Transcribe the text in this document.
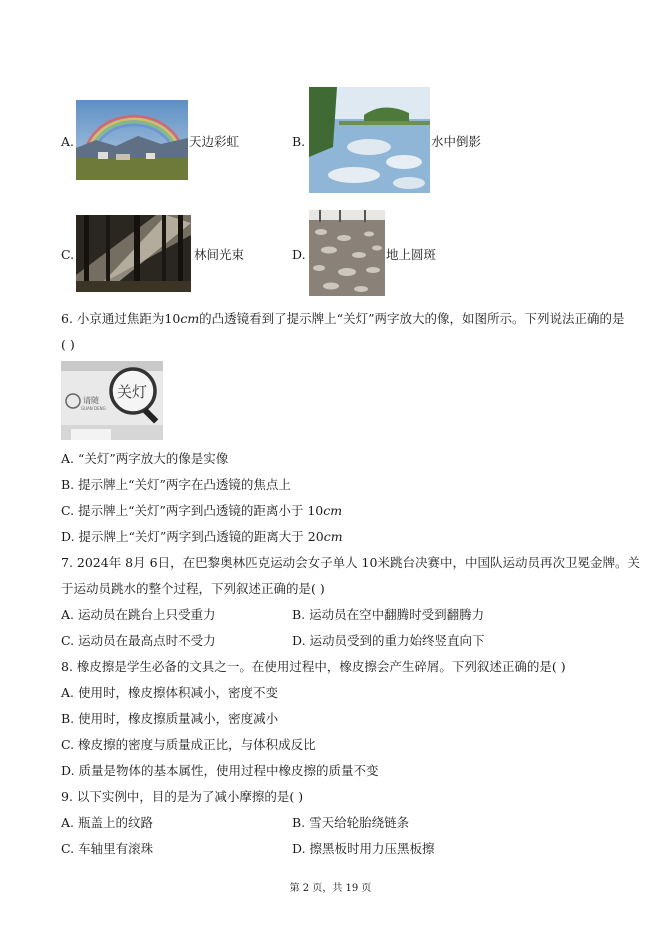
A.	天边彩虹	B.	水中倒影
C.	林间光束	D.	地上圆斑
6. 小京通过焦距为10cm的凸透镜看到了提示牌上“关灯”两字放大的像，如图所示。下列说法正确的是
( )
请随
GUAN DENG
关灯
A. “关灯”两字放大的像是实像
B. 提示牌上“关灯”两字在凸透镜的焦点上
C. 提示牌上“关灯”两字到凸透镜的距离小于 10cm
D. 提示牌上“关灯”两字到凸透镜的距离大于 20cm
7. 2024年 8月 6日，在巴黎奥林匹克运动会女子单人 10米跳台决赛中，中国队运动员再次卫冕金牌。关
于运动员跳水的整个过程，下列叙述正确的是( )
A. 运动员在跳台上只受重力	B. 运动员在空中翻腾时受到翻腾力
C. 运动员在最高点时不受力	D. 运动员受到的重力始终竖直向下
8. 橡皮擦是学生必备的文具之一。在使用过程中，橡皮擦会产生碎屑。下列叙述正确的是( )
A. 使用时，橡皮擦体积减小，密度不变
B. 使用时，橡皮擦质量减小，密度减小
C. 橡皮擦的密度与质量成正比，与体积成反比
D. 质量是物体的基本属性，使用过程中橡皮擦的质量不变
9. 以下实例中，目的是为了减小摩擦的是( )
A. 瓶盖上的纹路	B. 雪天给轮胎绕链条
C. 车轴里有滚珠	D. 擦黑板时用力压黑板擦
第 2 页，共 19 页
